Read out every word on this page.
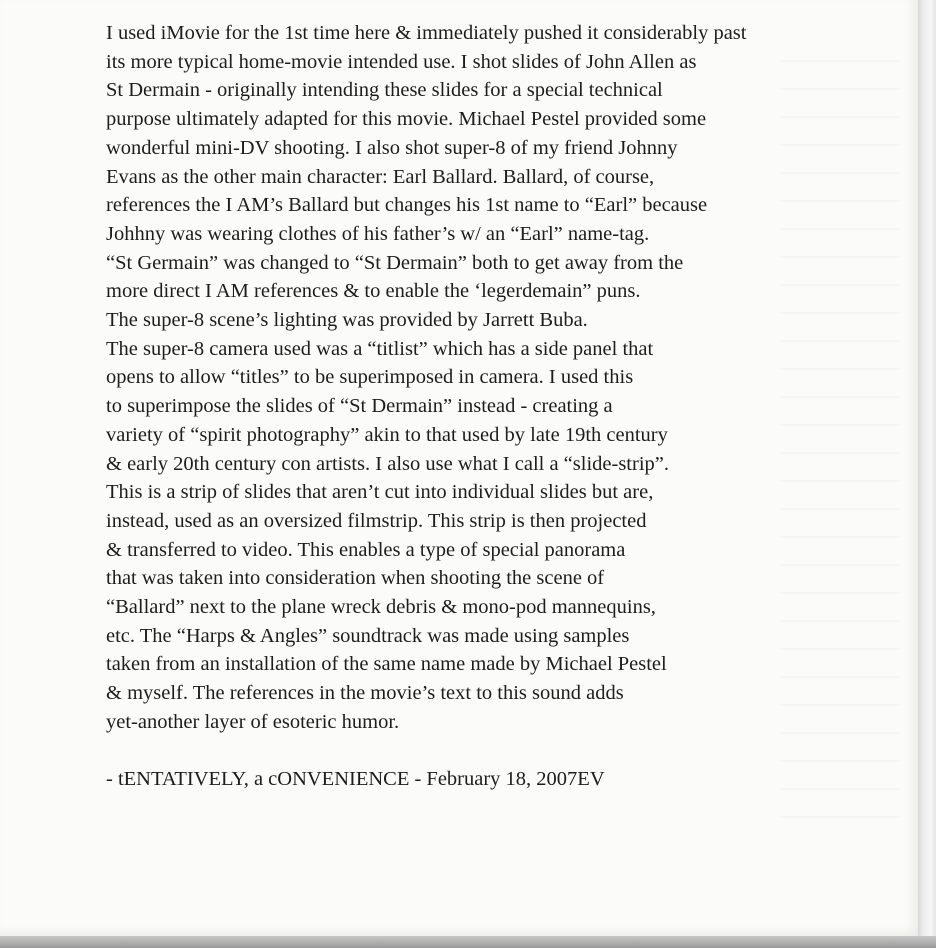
I used iMovie for the 1st time here & immediately pushed it considerably past
its more typical home-movie intended use. I shot slides of John Allen as
St Dermain - originally intending these slides for a special technical
purpose ultimately adapted for this movie. Michael Pestel provided some
wonderful mini-DV shooting. I also shot super-8 of my friend Johnny
Evans as the other main character: Earl Ballard. Ballard, of course,
references the I AM’s Ballard but changes his 1st name to “Earl” because
Johhny was wearing clothes of his father’s w/ an “Earl” name-tag.
“St Germain” was changed to “St Dermain” both to get away from the
more direct I AM references & to enable the ‘legerdemain” puns.
The super-8 scene’s lighting was provided by Jarrett Buba.
The super-8 camera used was a “titlist” which has a side panel that
opens to allow “titles” to be superimposed in camera. I used this
to superimpose the slides of “St Dermain” instead - creating a
variety of “spirit photography” akin to that used by late 19th century
& early 20th century con artists. I also use what I call a “slide-strip”.
This is a strip of slides that aren’t cut into individual slides but are,
instead, used as an oversized filmstrip. This strip is then projected
& transferred to video. This enables a type of special panorama
that was taken into consideration when shooting the scene of
“Ballard” next to the plane wreck debris & mono-pod mannequins,
etc. The “Harps & Angles” soundtrack was made using samples
taken from an installation of the same name made by Michael Pestel
& myself. The references in the movie’s text to this sound adds
yet-another layer of esoteric humor.
- tENTATIVELY, a cONVENIENCE - February 18, 2007EV
